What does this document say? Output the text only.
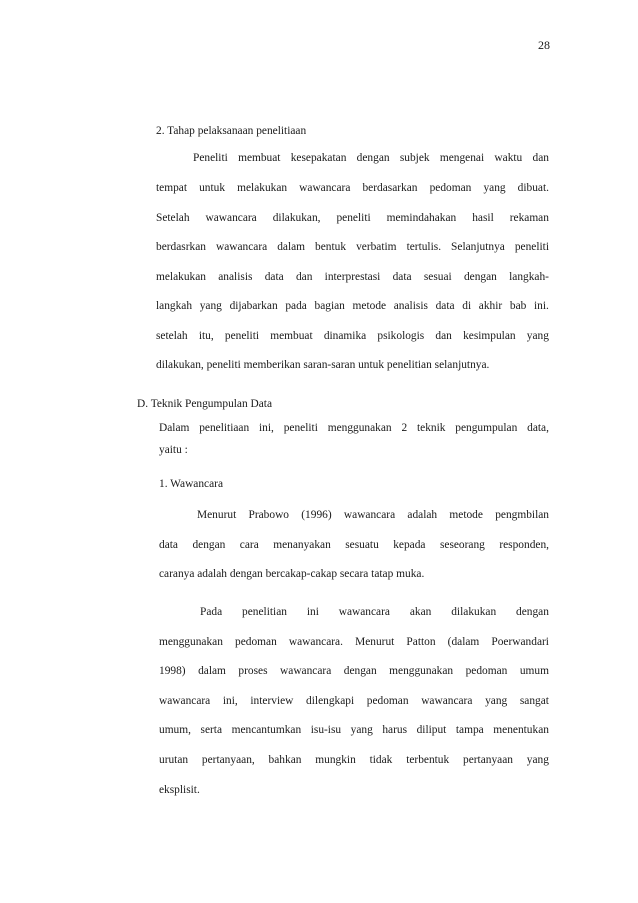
28
2. Tahap pelaksanaan penelitiaan
Peneliti membuat kesepakatan dengan subjek mengenai waktu dan
tempat untuk melakukan wawancara berdasarkan pedoman yang dibuat.
Setelah wawancara dilakukan, peneliti memindahakan hasil rekaman
berdasrkan wawancara dalam bentuk verbatim tertulis. Selanjutnya peneliti
melakukan analisis data dan interprestasi data sesuai dengan langkah-
langkah yang dijabarkan pada bagian metode analisis data di akhir bab ini.
setelah itu, peneliti membuat dinamika psikologis dan kesimpulan yang
dilakukan, peneliti memberikan saran-saran untuk penelitian selanjutnya.
D. Teknik Pengumpulan Data
Dalam penelitiaan ini, peneliti menggunakan 2 teknik pengumpulan data,
yaitu :
1. Wawancara
Menurut Prabowo (1996) wawancara adalah metode pengmbilan
data dengan cara menanyakan sesuatu kepada seseorang responden,
caranya adalah dengan bercakap-cakap secara tatap muka.
Pada penelitian ini wawancara akan dilakukan dengan
menggunakan pedoman wawancara. Menurut Patton (dalam Poerwandari
1998) dalam proses wawancara dengan menggunakan pedoman umum
wawancara ini, interview dilengkapi pedoman wawancara yang sangat
umum, serta mencantumkan isu-isu yang harus diliput tampa menentukan
urutan pertanyaan, bahkan mungkin tidak terbentuk pertanyaan yang
eksplisit.
